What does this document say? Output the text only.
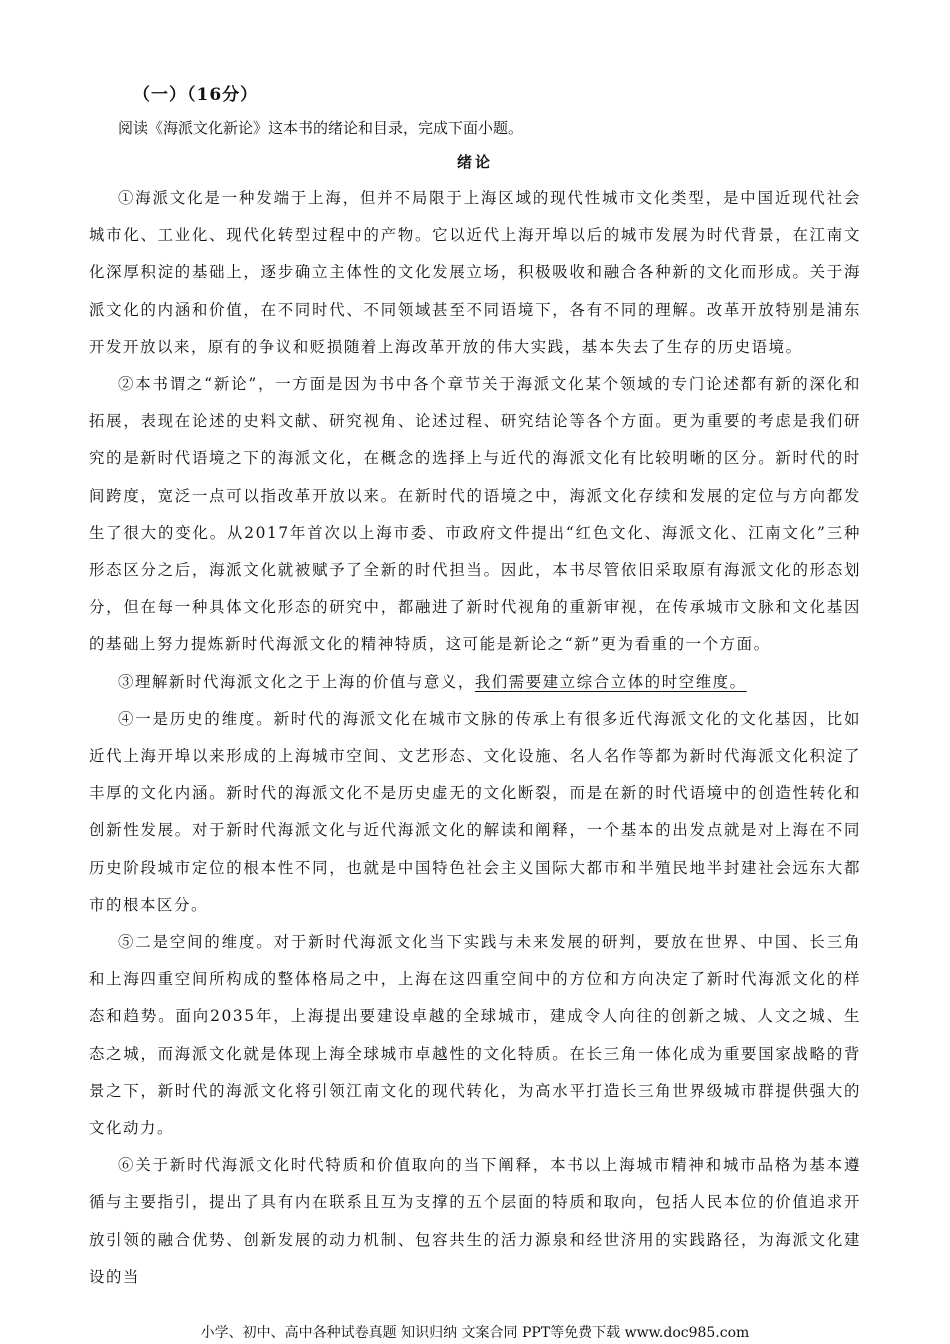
（一）（16分）
阅读《海派文化新论》这本书的绪论和目录，完成下面小题。
绪论

①海派文化是一种发端于上海，但并不局限于上海区域的现代性城市文化类型，是中国近现代社会城市化、工业化、现代化转型过程中的产物。它以近代上海开埠以后的城市发展为时代背景，在江南文化深厚积淀的基础上，逐步确立主体性的文化发展立场，积极吸收和融合各种新的文化而形成。关于海派文化的内涵和价值，在不同时代、不同领域甚至不同语境下，各有不同的理解。改革开放特别是浦东开发开放以来，原有的争议和贬损随着上海改革开放的伟大实践，基本失去了生存的历史语境。

②本书谓之“新论”，一方面是因为书中各个章节关于海派文化某个领域的专门论述都有新的深化和拓展，表现在论述的史料文献、研究视角、论述过程、研究结论等各个方面。更为重要的考虑是我们研究的是新时代语境之下的海派文化，在概念的选择上与近代的海派文化有比较明晰的区分。新时代的时间跨度，宽泛一点可以指改革开放以来。在新时代的语境之中，海派文化存续和发展的定位与方向都发生了很大的变化。从2017年首次以上海市委、市政府文件提出“红色文化、海派文化、江南文化”三种形态区分之后，海派文化就被赋予了全新的时代担当。因此，本书尽管依旧采取原有海派文化的形态划分，但在每一种具体文化形态的研究中，都融进了新时代视角的重新审视，在传承城市文脉和文化基因的基础上努力提炼新时代海派文化的精神特质，这可能是新论之“新”更为看重的一个方面。

③理解新时代海派文化之于上海的价值与意义，我们需要建立综合立体的时空维度。

④一是历史的维度。新时代的海派文化在城市文脉的传承上有很多近代海派文化的文化基因，比如近代上海开埠以来形成的上海城市空间、文艺形态、文化设施、名人名作等都为新时代海派文化积淀了丰厚的文化内涵。新时代的海派文化不是历史虚无的文化断裂，而是在新的时代语境中的创造性转化和创新性发展。对于新时代海派文化与近代海派文化的解读和阐释，一个基本的出发点就是对上海在不同历史阶段城市定位的根本性不同，也就是中国特色社会主义国际大都市和半殖民地半封建社会远东大都市的根本区分。

⑤二是空间的维度。对于新时代海派文化当下实践与未来发展的研判，要放在世界、中国、长三角和上海四重空间所构成的整体格局之中，上海在这四重空间中的方位和方向决定了新时代海派文化的样态和趋势。面向2035年，上海提出要建设卓越的全球城市，建成令人向往的创新之城、人文之城、生态之城，而海派文化就是体现上海全球城市卓越性的文化特质。在长三角一体化成为重要国家战略的背景之下，新时代的海派文化将引领江南文化的现代转化，为高水平打造长三角世界级城市群提供强大的文化动力。

⑥关于新时代海派文化时代特质和价值取向的当下阐释，本书以上海城市精神和城市品格为基本遵循与主要指引，提出了具有内在联系且互为支撑的五个层面的特质和取向，包括人民本位的价值追求开放引领的融合优势、创新发展的动力机制、包容共生的活力源泉和经世济用的实践路径，为海派文化建设的当

小学、初中、高中各种试卷真题 知识归纳 文案合同 PPT等免费下载 www.doc985.com
